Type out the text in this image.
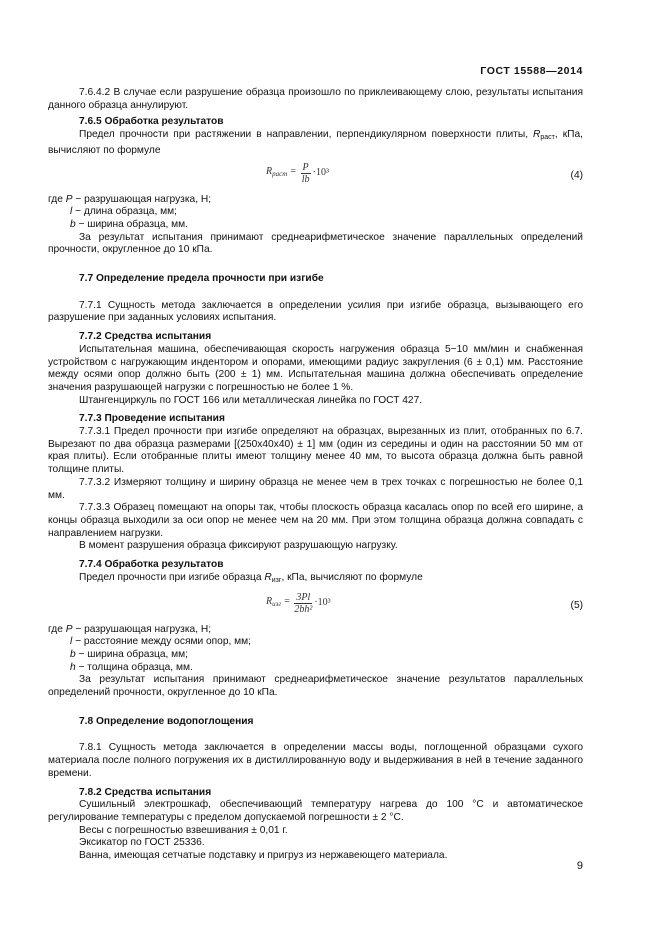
ГОСТ 15588—2014

7.6.4.2 В случае если разрушение образца произошло по приклеивающему слою, результаты испытания данного образца аннулируют.

7.6.5 Обработка результатов

Предел прочности при растяжении в направлении, перпендикулярном поверхности плиты, $R_{раст}$, кПа, вычисляют по формуле

$R_{раст} = \frac{P}{lb} \cdot 10^3$	(4)

где P − разрушающая нагрузка, Н;

l − длина образца, мм;

b − ширина образца, мм.

За результат испытания принимают среднеарифметическое значение параллельных определений прочности, округленное до 10 кПа.

7.7 Определение предела прочности при изгибе

7.7.1 Сущность метода заключается в определении усилия при изгибе образца, вызывающего его разрушение при заданных условиях испытания.

7.7.2 Средства испытания

Испытательная машина, обеспечивающая скорость нагружения образца 5−10 мм/мин и снабженная устройством с нагружающим индентором и опорами, имеющими радиус закругления (6 ± 0,1) мм. Расстояние между осями опор должно быть (200 ± 1) мм. Испытательная машина должна обеспечивать определение значения разрушающей нагрузки с погрешностью не более 1 %.

Штангенциркуль по ГОСТ 166 или металлическая линейка по ГОСТ 427.

7.7.3 Проведение испытания

7.7.3.1 Предел прочности при изгибе определяют на образцах, вырезанных из плит, отобранных по 6.7. Вырезают по два образца размерами [(250х40х40) ± 1] мм (один из середины и один на расстоянии 50 мм от края плиты). Если отобранные плиты имеют толщину менее 40 мм, то высота образца должна быть равной толщине плиты.

7.7.3.2 Измеряют толщину и ширину образца не менее чем в трех точках с погрешностью не более 0,1 мм.

7.7.3.3 Образец помещают на опоры так, чтобы плоскость образца касалась опор по всей его ширине, а концы образца выходили за оси опор не менее чем на 20 мм. При этом толщина образца должна совпадать с направлением нагрузки.

В момент разрушения образца фиксируют разрушающую нагрузку.

7.7.4 Обработка результатов

Предел прочности при изгибе образца $R_{изг}$, кПа, вычисляют по формуле

$R_{изг} = \frac{3Pl}{\text{2bh²}} \cdot 10^3$	(5)

где P − разрушающая нагрузка, Н;

l − расстояние между осями опор, мм;

b − ширина образца, мм;

h − толщина образца, мм.

За результат испытания принимают среднеарифметическое значение результатов параллельных определений прочности, округленное до 10 кПа.

7.8 Определение водопоглощения

7.8.1 Сущность метода заключается в определении массы воды, поглощенной образцами сухого материала после полного погружения их в дистиллированную воду и выдерживания в ней в течение заданного времени.

7.8.2 Средства испытания

Сушильный электрошкаф, обеспечивающий температуру нагрева до 100 °С и автоматическое регулирование температуры с пределом допускаемой погрешности ± 2 °С.

Весы с погрешностью взвешивания ± 0,01 г.

Эксикатор по ГОСТ 25336.

Ванна, имеющая сетчатые подставку и пригруз из нержавеющего материала.

9
